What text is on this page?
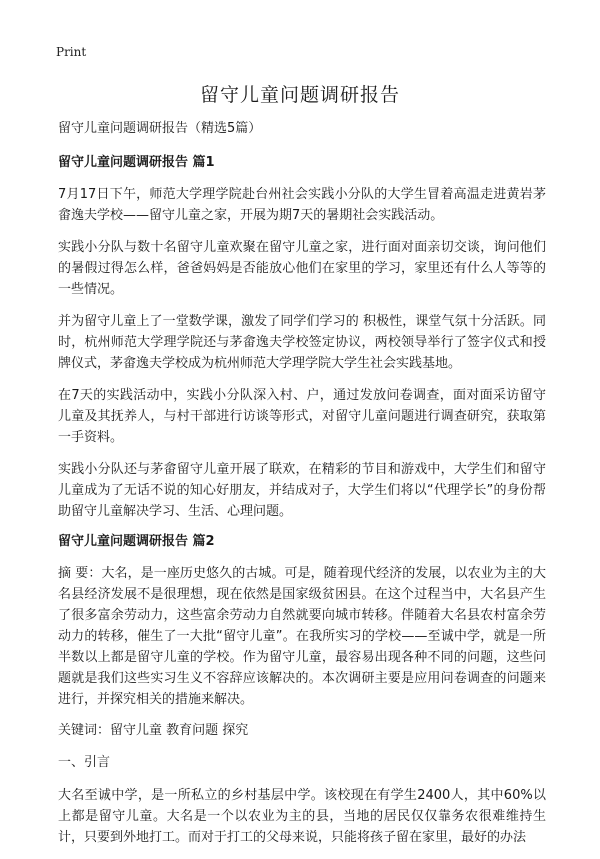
Print
留守儿童问题调研报告

留守儿童问题调研报告（精选5篇）

留守儿童问题调研报告 篇1

7月17日下午，师范大学理学院赴台州社会实践小分队的大学生冒着高温走进黄岩茅畲逸夫学校——留守儿童之家，开展为期7天的暑期社会实践活动。

实践小分队与数十名留守儿童欢聚在留守儿童之家，进行面对面亲切交谈，询问他们的暑假过得怎么样，爸爸妈妈是否能放心他们在家里的学习，家里还有什么人等等的一些情况。

并为留守儿童上了一堂数学课，激发了同学们学习的 积极性，课堂气氛十分活跃。同时，杭州师范大学理学院还与茅畲逸夫学校签定协议，两校领导举行了签字仪式和授牌仪式，茅畲逸夫学校成为杭州师范大学理学院大学生社会实践基地。

在7天的实践活动中，实践小分队深入村、户，通过发放问卷调查，面对面采访留守儿童及其抚养人，与村干部进行访谈等形式，对留守儿童问题进行调查研究，获取第一手资料。

实践小分队还与茅畲留守儿童开展了联欢，在精彩的节目和游戏中，大学生们和留守儿童成为了无话不说的知心好朋友，并结成对子，大学生们将以“代理学长”的身份帮助留守儿童解决学习、生活、心理问题。

留守儿童问题调研报告 篇2

摘 要：大名，是一座历史悠久的古城。可是，随着现代经济的发展，以农业为主的大名县经济发展不是很理想，现在依然是国家级贫困县。在这个过程当中，大名县产生了很多富余劳动力，这些富余劳动力自然就要向城市转移。伴随着大名县农村富余劳动力的转移，催生了一大批“留守儿童”。在我所实习的学校——至诚中学，就是一所半数以上都是留守儿童的学校。作为留守儿童，最容易出现各种不同的问题，这些问题就是我们这些实习生义不容辞应该解决的。本次调研主要是应用问卷调查的问题来进行，并探究相关的措施来解决。

关键词：留守儿童 教育问题 探究

一、引言

大名至诚中学，是一所私立的乡村基层中学。该校现在有学生2400人，其中60%以上都是留守儿童。大名是一个以农业为主的县，当地的居民仅仅靠务农很难维持生计，只要到外地打工。而对于打工的父母来说，只能将孩子留在家里，最好的办法
